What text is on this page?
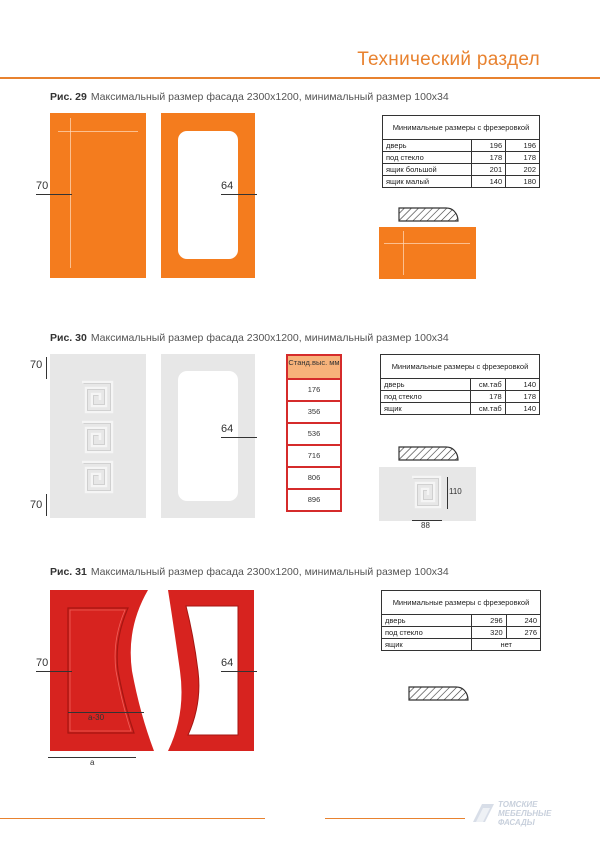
Технический раздел
Рис. 29 Максимальный размер фасада 2300х1200, минимальный размер 100х34
70	64
Минимальные размеры с фрезеровкой		
дверь	196	196
под стекло	178	178
ящик большой	201	202
ящик малый	140	180
Рис. 30 Максимальный размер фасада 2300х1200, минимальный размер 100х34
70
70
64
Станд.выс. мм
176
356
536
716
806
896
Минимальные размеры с фрезеровкой		
дверь	см.таб	140
под стекло	178	178
ящик	см.таб	140
110
88
Рис. 31 Максимальный размер фасада 2300х1200, минимальный размер 100х34
70
а-30
а
64
Минимальные размеры с фрезеровкой		
дверь	296	240
под стекло	320	276
ящик	нет	
ТОМСКИЕ
МЕБЕЛЬНЫЕ
ФАСАДЫ
